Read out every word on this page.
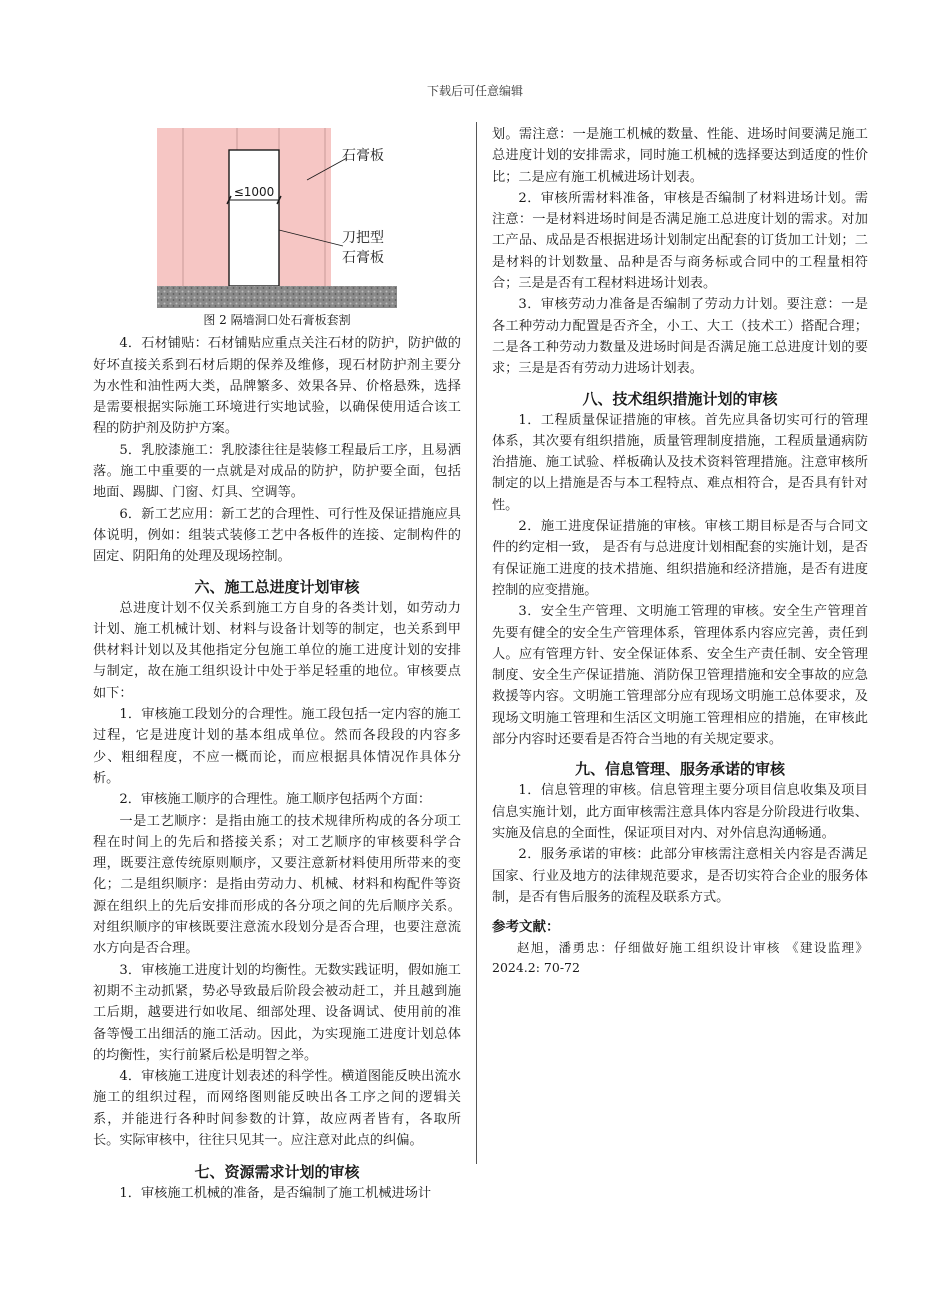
下载后可任意编辑
≤1000
石膏板
刀把型
石膏板
图 2 隔墙洞口处石膏板套割

4．石材铺贴：石材铺贴应重点关注石材的防护，防护做的好坏直接关系到石材后期的保养及维修，现石材防护剂主要分为水性和油性两大类，品牌繁多、效果各异、价格悬殊，选择是需要根据实际施工环境进行实地试验，以确保使用适合该工程的防护剂及防护方案。

5．乳胶漆施工：乳胶漆往往是装修工程最后工序，且易洒落。施工中重要的一点就是对成品的防护，防护要全面，包括地面、踢脚、门窗、灯具、空调等。

6．新工艺应用：新工艺的合理性、可行性及保证措施应具体说明，例如：组装式装修工艺中各板件的连接、定制构件的固定、阴阳角的处理及现场控制。

六、施工总进度计划审核

总进度计划不仅关系到施工方自身的各类计划，如劳动力计划、施工机械计划、材料与设备计划等的制定，也关系到甲供材料计划以及其他指定分包施工单位的施工进度计划的安排与制定，故在施工组织设计中处于举足轻重的地位。审核要点如下：

1．审核施工段划分的合理性。施工段包括一定内容的施工过程，它是进度计划的基本组成单位。然而各段段的内容多少、粗细程度，不应一概而论，而应根据具体情况作具体分析。

2．审核施工顺序的合理性。施工顺序包括两个方面：

一是工艺顺序：是指由施工的技术规律所构成的各分项工程在时间上的先后和搭接关系；对工艺顺序的审核要科学合理，既要注意传统原则顺序，又要注意新材料使用所带来的变化；二是组织顺序：是指由劳动力、机械、材料和构配件等资源在组织上的先后安排而形成的各分项之间的先后顺序关系。对组织顺序的审核既要注意流水段划分是否合理，也要注意流水方向是否合理。

3．审核施工进度计划的均衡性。无数实践证明，假如施工初期不主动抓紧，势必导致最后阶段会被动赶工，并且越到施工后期，越要进行如收尾、细部处理、设备调试、使用前的准备等慢工出细活的施工活动。因此，为实现施工进度计划总体的均衡性，实行前紧后松是明智之举。

4．审核施工进度计划表述的科学性。横道图能反映出流水施工的组织过程，而网络图则能反映出各工序之间的逻辑关系，并能进行各种时间参数的计算，故应两者皆有，各取所长。实际审核中，往往只见其一。应注意对此点的纠偏。

七、资源需求计划的审核

1．审核施工机械的准备，是否编制了施工机械进场计

划。需注意：一是施工机械的数量、性能、进场时间要满足施工总进度计划的安排需求，同时施工机械的选择要达到适度的性价比；二是应有施工机械进场计划表。

2．审核所需材料准备，审核是否编制了材料进场计划。需注意：一是材料进场时间是否满足施工总进度计划的需求。对加工产品、成品是否根据进场计划制定出配套的订货加工计划；二是材料的计划数量、品种是否与商务标或合同中的工程量相符合；三是是否有工程材料进场计划表。

3．审核劳动力准备是否编制了劳动力计划。要注意：一是各工种劳动力配置是否齐全，小工、大工（技术工）搭配合理；二是各工种劳动力数量及进场时间是否满足施工总进度计划的要求；三是是否有劳动力进场计划表。

八、技术组织措施计划的审核

1．工程质量保证措施的审核。首先应具备切实可行的管理体系，其次要有组织措施，质量管理制度措施，工程质量通病防治措施、施工试验、样板确认及技术资料管理措施。注意审核所制定的以上措施是否与本工程特点、难点相符合，是否具有针对性。

2．施工进度保证措施的审核。审核工期目标是否与合同文件的约定相一致， 是否有与总进度计划相配套的实施计划，是否有保证施工进度的技术措施、组织措施和经济措施，是否有进度控制的应变措施。

3．安全生产管理、文明施工管理的审核。安全生产管理首先要有健全的安全生产管理体系，管理体系内容应完善，责任到人。应有管理方针、安全保证体系、安全生产责任制、安全管理制度、安全生产保证措施、消防保卫管理措施和安全事故的应急救援等内容。文明施工管理部分应有现场文明施工总体要求，及现场文明施工管理和生活区文明施工管理相应的措施，在审核此部分内容时还要看是否符合当地的有关规定要求。

九、信息管理、服务承诺的审核

1．信息管理的审核。信息管理主要分项目信息收集及项目信息实施计划，此方面审核需注意具体内容是分阶段进行收集、实施及信息的全面性，保证项目对内、对外信息沟通畅通。

2．服务承诺的审核：此部分审核需注意相关内容是否满足国家、行业及地方的法律规范要求，是否切实符合企业的服务体制，是否有售后服务的流程及联系方式。

参考文献：

赵旭，潘勇忠：仔细做好施工组织设计审核 《建设监理》 2024.2: 70-72
